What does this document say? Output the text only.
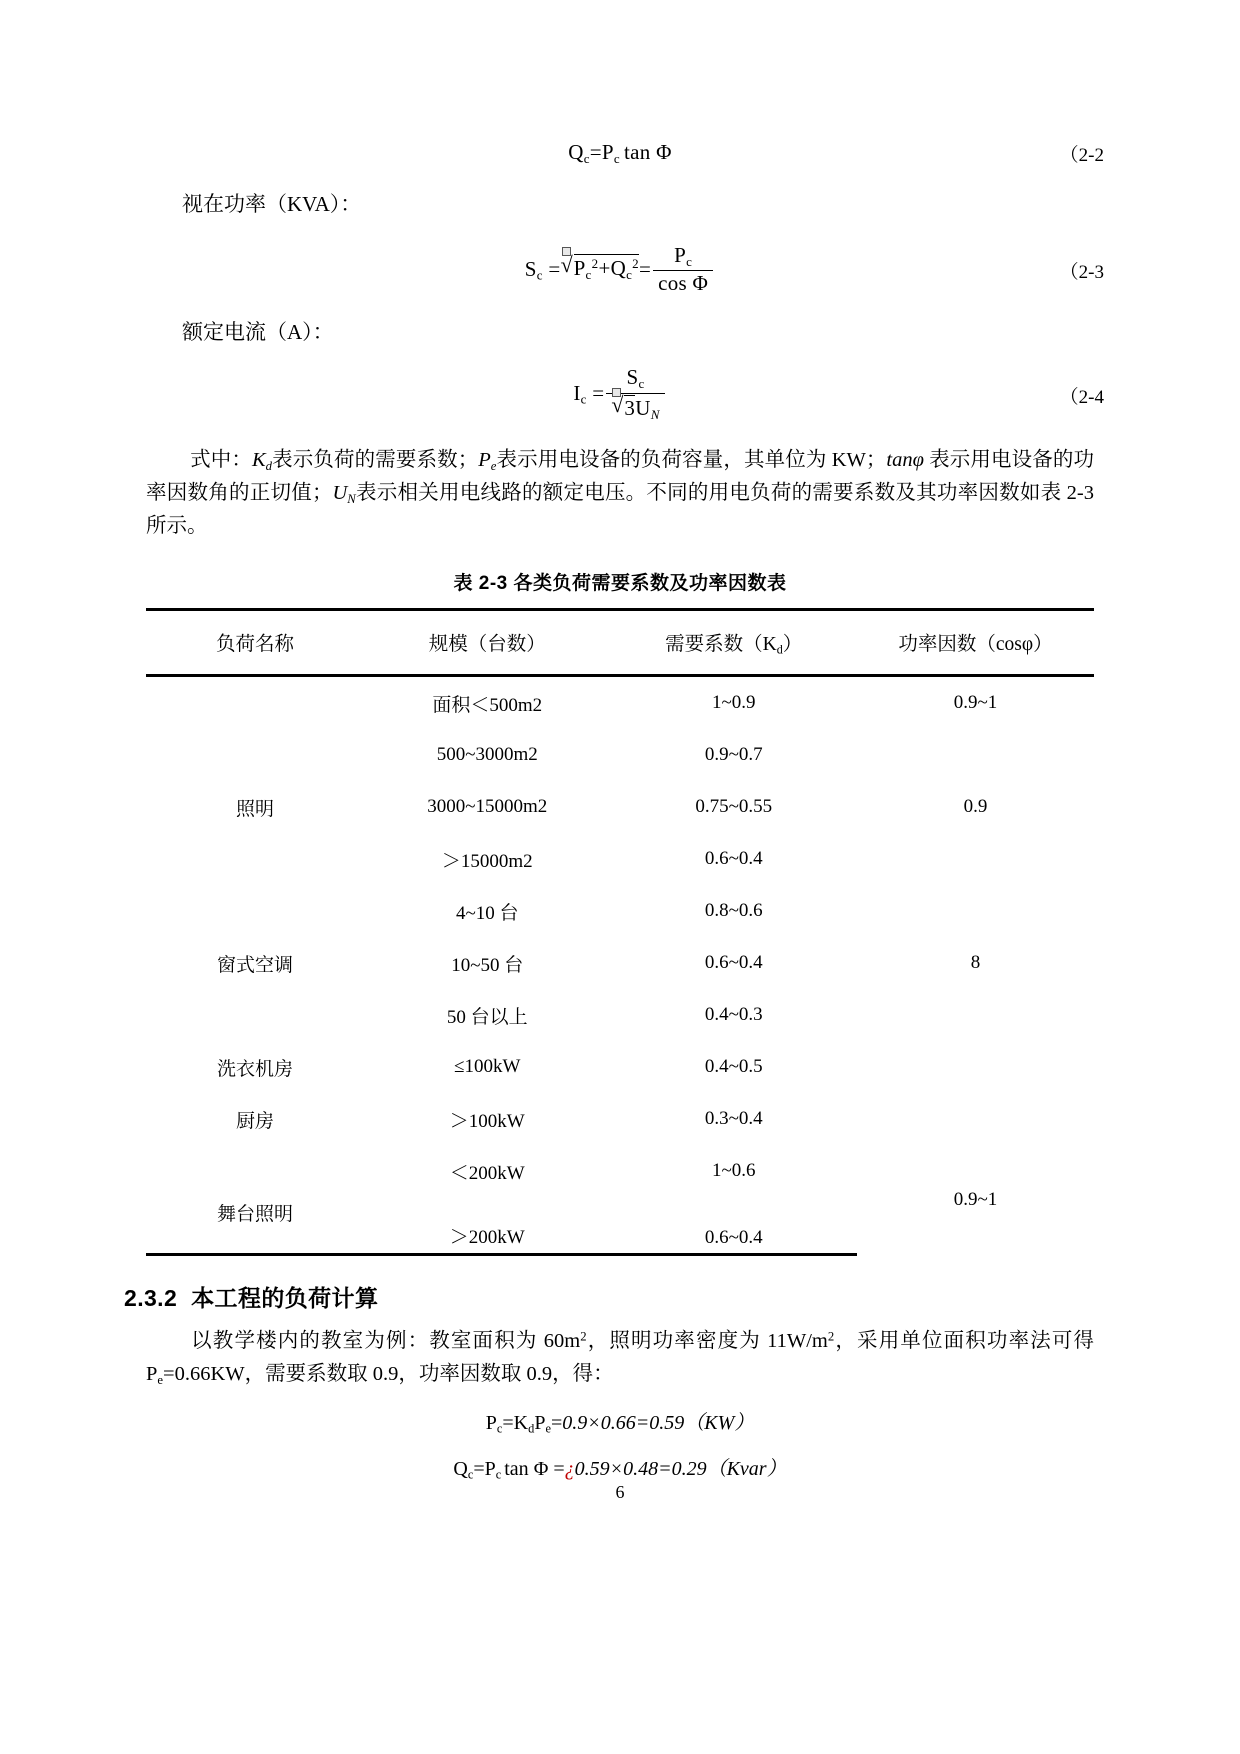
$Q_c=P_c$ tan Φ	（2-2
视在功率（KVA）：
$S_c$ = √ $P_c^2+Q_c^2= \frac{P_c}{\text{cos Φ}}$	（2-3
额定电流（A）：
$I_c = S_c$
√ $3U_N$	（2-4
式中：$K_d$表示负荷的需要系数；$P_e$表示用电设备的负荷容量，其单位为 KW；tanφ 表示用电设备的功率因数角的正切值；$U_N$表示相关用电线路的额定电压。不同的用电负荷的需要系数及其功率因数如表 2-3 所示。
表 2-3 各类负荷需要系数及功率因数表
负荷名称	规模（台数）	需要系数$(K_d)$	功率因数（cosφ）
	面积＜500m2	1~0.9	0.9~1
	500~3000m2	0.9~0.7	
照明	3000~15000m2	0.75~0.55	0.9
	＞15000m2	0.6~0.4	
	4~10 台	0.8~0.6	
窗式空调	10~50 台	0.6~0.4	8
	50 台以上	0.4~0.3	
洗衣机房	≤100kW	0.4~0.5	
厨房	＞100kW	0.3~0.4	
	＜200kW	1~0.6	0.9~1
舞台照明	＞200kW	0.6~0.4	
2.3.2 本工程的负荷计算
以教学楼内的教室为例：教室面积为 $60m^2$，照明功率密度为 $11W/m^2$，采用单位面积功率法可得$P_e=0.66KW$，需要系数取 0.9，功率因数取 0.9，得：
$P_c=K_dP_e=0.9\times 0.66=0.59(KW)$
$Q_c=P_c$ tan Φ =¿0.59×0.48=0.29（Kvar）
6
